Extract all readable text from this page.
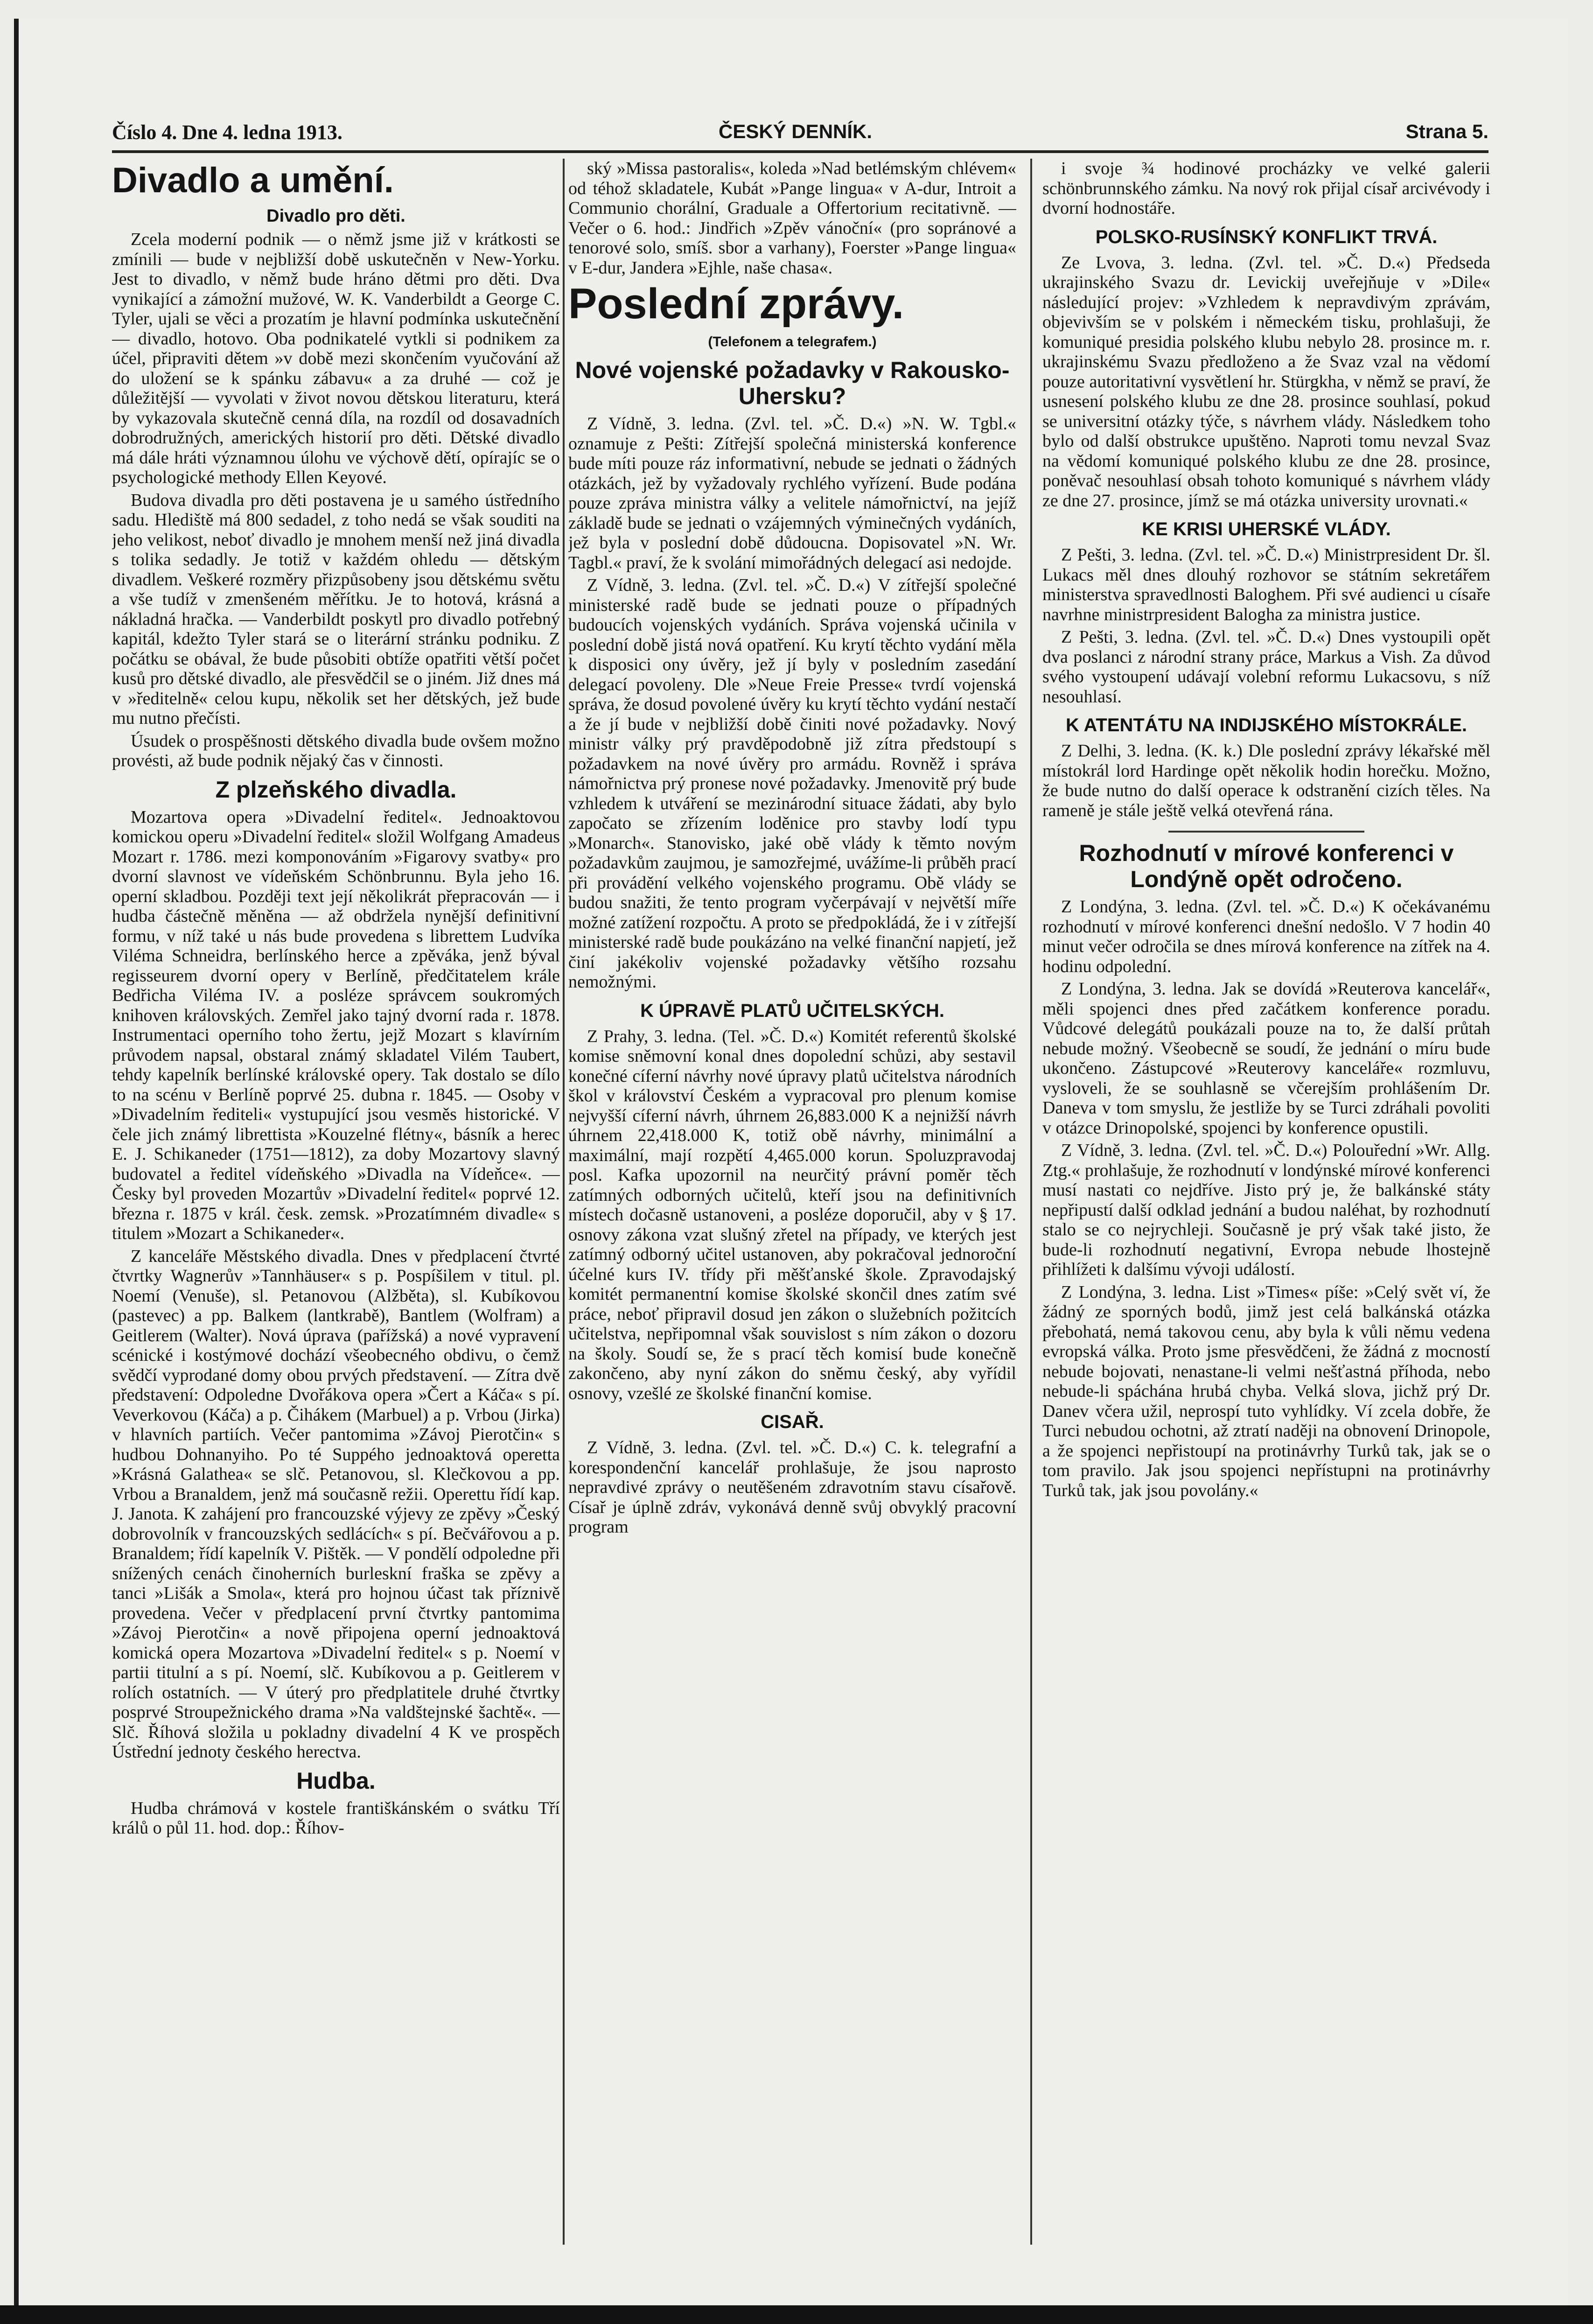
Číslo 4. Dne 4. ledna 1913.	ČESKÝ DENNÍK.	Strana 5.
Divadlo a umění.
Divadlo pro děti.

Zcela moderní podnik — o němž jsme již v krátkosti se zmínili — bude v nejbližší době uskutečněn v New-Yorku. Jest to divadlo, v němž bude hráno dětmi pro děti. Dva vynikající a zámožní mužové, W. K. Vanderbildt a George C. Tyler, ujali se věci a prozatím je hlavní podmínka uskutečnění — divadlo, hotovo. Oba podnikatelé vytkli si podnikem za účel, připraviti dětem »v době mezi skončením vyučování až do uložení se k spánku zábavu« a za druhé — což je důležitější — vyvolati v život novou dětskou literaturu, která by vykazovala skutečně cenná díla, na rozdíl od dosavadních dobrodružných, amerických historií pro děti. Dětské divadlo má dále hráti významnou úlohu ve výchově dětí, opírajíc se o psychologické methody Ellen Keyové.

Budova divadla pro děti postavena je u samého ústředního sadu. Hlediště má 800 sedadel, z toho nedá se však souditi na jeho velikost, neboť divadlo je mnohem menší než jiná divadla s tolika sedadly. Je totiž v každém ohledu — dětským divadlem. Veškeré rozměry přizpůsobeny jsou dětskému světu a vše tudíž v zmenšeném měřítku. Je to hotová, krásná a nákladná hračka. — Vanderbildt poskytl pro divadlo potřebný kapitál, kdežto Tyler stará se o literární stránku podniku. Z počátku se obával, že bude působiti obtíže opatřiti větší počet kusů pro dětské divadlo, ale přesvědčil se o jiném. Již dnes má v »ředitelně« celou kupu, několik set her dětských, jež bude mu nutno přečísti.

Úsudek o prospěšnosti dětského divadla bude ovšem možno provésti, až bude podnik nějaký čas v činnosti.

Z plzeňského divadla.

Mozartova opera »Divadelní ředitel«. Jednoaktovou komickou operu »Divadelní ředitel« složil Wolfgang Amadeus Mozart r. 1786. mezi komponováním »Figarovy svatby« pro dvorní slavnost ve vídeňském Schönbrunnu. Byla jeho 16. operní skladbou. Později text její několikrát přepracován — i hudba částečně měněna — až obdržela nynější definitivní formu, v níž také u nás bude provedena s librettem Ludvíka Viléma Schneidra, berlínského herce a zpěváka, jenž býval regisseurem dvorní opery v Berlíně, předčitatelem krále Bedřicha Viléma IV. a posléze správcem soukromých knihoven královských. Zemřel jako tajný dvorní rada r. 1878. Instrumentaci operního toho žertu, jejž Mozart s klavírním průvodem napsal, obstaral známý skladatel Vilém Taubert, tehdy kapelník berlínské královské opery. Tak dostalo se dílo to na scénu v Berlíně poprvé 25. dubna r. 1845. — Osoby v »Divadelním řediteli« vystupující jsou vesměs historické. V čele jich známý librettista »Kouzelné flétny«, básník a herec E. J. Schikaneder (1751—1812), za doby Mozartovy slavný budovatel a ředitel vídeňského »Divadla na Vídeňce«. — Česky byl proveden Mozartův »Divadelní ředitel« poprvé 12. března r. 1875 v král. česk. zemsk. »Prozatímném divadle« s titulem »Mozart a Schikaneder«.

Z kanceláře Městského divadla. Dnes v předplacení čtvrté čtvrtky Wagnerův »Tannhäuser« s p. Pospíšilem v titul. pl. Noemí (Venuše), sl. Petanovou (Alžběta), sl. Kubíkovou (pastevec) a pp. Balkem (lantkrabě), Bantlem (Wolfram) a Geitlerem (Walter). Nová úprava (pařížská) a nové vypravení scénické i kostýmové dochází všeobecného obdivu, o čemž svědčí vyprodané domy obou prvých představení. — Zítra dvě představení: Odpoledne Dvořákova opera »Čert a Káča« s pí. Veverkovou (Káča) a p. Čihákem (Marbuel) a p. Vrbou (Jirka) v hlavních partiích. Večer pantomima »Závoj Pierotčin« s hudbou Dohnanyiho. Po té Suppého jednoaktová operetta »Krásná Galathea« se slč. Petanovou, sl. Klečkovou a pp. Vrbou a Branaldem, jenž má současně režii. Operettu řídí kap. J. Janota. K zahájení pro francouzské výjevy ze zpěvy »Český dobrovolník v francouzských sedlácích« s pí. Bečvářovou a p. Branaldem; řídí kapelník V. Pištěk. — V pondělí odpoledne při snížených cenách činoherních burleskní fraška se zpěvy a tanci »Lišák a Smola«, která pro hojnou účast tak příznivě provedena. Večer v předplacení první čtvrtky pantomima »Závoj Pierotčin« a nově připojena operní jednoaktová komická opera Mozartova »Divadelní ředitel« s p. Noemí v partii titulní a s pí. Noemí, slč. Kubíkovou a p. Geitlerem v rolích ostatních. — V úterý pro předplatitele druhé čtvrtky posprvé Stroupežnického drama »Na valdštejnské šachtě«. — Slč. Říhová složila u pokladny divadelní 4 K ve prospěch Ústřední jednoty českého herectva.

Hudba.

Hudba chrámová v kostele františkánském o svátku Tří králů o půl 11. hod. dop.: Říhov-

ský »Missa pastoralis«, koleda »Nad betlémským chlévem« od téhož skladatele, Kubát »Pange lingua« v A-dur, Introit a Communio chorální, Graduale a Offertorium recitativně. — Večer o 6. hod.: Jindřich »Zpěv vánoční« (pro sopránové a tenorové solo, smíš. sbor a varhany), Foerster »Pange lingua« v E-dur, Jandera »Ejhle, naše chasa«.

Poslední zprávy.
(Telefonem a telegrafem.)
Nové vojenské požadavky v Rakousko-Uhersku?

Z Vídně, 3. ledna. (Zvl. tel. »Č. D.«) »N. W. Tgbl.« oznamuje z Pešti: Zítřejší společná ministerská konference bude míti pouze ráz informativní, nebude se jednati o žádných otázkách, jež by vyžadovaly rychlého vyřízení. Bude podána pouze zpráva ministra války a velitele námořnictví, na jejíž základě bude se jednati o vzájemných výminečných vydáních, jež byla v poslední době důdoucna. Dopisovatel »N. Wr. Tagbl.« praví, že k svolání mimořádných delegací asi nedojde.

Z Vídně, 3. ledna. (Zvl. tel. »Č. D.«) V zítřejší společné ministerské radě bude se jednati pouze o případných budoucích vojenských vydáních. Správa vojenská učinila v poslední době jistá nová opatření. Ku krytí těchto vydání měla k disposici ony úvěry, jež jí byly v posledním zasedání delegací povoleny. Dle »Neue Freie Presse« tvrdí vojenská správa, že dosud povolené úvěry ku krytí těchto vydání nestačí a že jí bude v nejbližší době činiti nové požadavky. Nový ministr války prý pravděpodobně již zítra předstoupí s požadavkem na nové úvěry pro armádu. Rovněž i správa námořnictva prý pronese nové požadavky. Jmenovitě prý bude vzhledem k utváření se mezinárodní situace žádati, aby bylo započato se zřízením loděnice pro stavby lodí typu »Monarch«. Stanovisko, jaké obě vlády k těmto novým požadavkům zaujmou, je samozřejmé, uvážíme-li průběh prací při provádění velkého vojenského programu. Obě vlády se budou snažiti, že tento program vyčerpávají v největší míře možné zatížení rozpočtu. A proto se předpokládá, že i v zítřejší ministerské radě bude poukázáno na velké finanční napjetí, jež činí jakékoliv vojenské požadavky většího rozsahu nemožnými.

K ÚPRAVĚ PLATŮ UČITELSKÝCH.

Z Prahy, 3. ledna. (Tel. »Č. D.«) Komitét referentů školské komise sněmovní konal dnes dopolední schůzi, aby sestavil konečné cíferní návrhy nové úpravy platů učitelstva národních škol v království Českém a vypracoval pro plenum komise nejvyšší cíferní návrh, úhrnem 26,883.000 K a nejnižší návrh úhrnem 22,418.000 K, totiž obě návrhy, minimální a maximální, mají rozpětí 4,465.000 korun. Spoluzpravodaj posl. Kafka upozornil na neurčitý právní poměr těch zatímných odborných učitelů, kteří jsou na definitivních místech dočasně ustanoveni, a posléze doporučil, aby v § 17. osnovy zákona vzat slušný zřetel na případy, ve kterých jest zatímný odborný učitel ustanoven, aby pokračoval jednoroční účelné kurs IV. třídy při měšťanské škole. Zpravodajský komitét permanentní komise školské skončil dnes zatím své práce, neboť připravil dosud jen zákon o služebních požitcích učitelstva, nepřipomnal však souvislost s ním zákon o dozoru na školy. Soudí se, že s prací těch komisí bude konečně zakončeno, aby nyní zákon do sněmu český, aby vyřídil osnovy, vzešlé ze školské finanční komise.

CISAŘ.

Z Vídně, 3. ledna. (Zvl. tel. »Č. D.«) C. k. telegrafní a korespondenční kancelář prohlašuje, že jsou naprosto nepravdivé zprávy o neutěšeném zdravotním stavu císařově. Císař je úplně zdráv, vykonává denně svůj obvyklý pracovní program

i svoje ¾ hodinové procházky ve velké galerii schönbrunnského zámku. Na nový rok přijal císař arcivévody i dvorní hodnostáře.

POLSKO-RUSÍNSKÝ KONFLIKT TRVÁ.

Ze Lvova, 3. ledna. (Zvl. tel. »Č. D.«) Předseda ukrajinského Svazu dr. Levickij uveřejňuje v »Dile« následující projev: »Vzhledem k nepravdivým zprávám, objevivším se v polském i německém tisku, prohlašuji, že komuniqué presidia polského klubu nebylo 28. prosince m. r. ukrajinskému Svazu předloženo a že Svaz vzal na vědomí pouze autoritativní vysvětlení hr. Stürgkha, v němž se praví, že usnesení polského klubu ze dne 28. prosince souhlasí, pokud se universitní otázky týče, s návrhem vlády. Následkem toho bylo od další obstrukce upuštěno. Naproti tomu nevzal Svaz na vědomí komuniqué polského klubu ze dne 28. prosince, poněvač nesouhlasí obsah tohoto komuniqué s návrhem vlády ze dne 27. prosince, jímž se má otázka university urovnati.«

KE KRISI UHERSKÉ VLÁDY.

Z Pešti, 3. ledna. (Zvl. tel. »Č. D.«) Ministrpresident Dr. šl. Lukacs měl dnes dlouhý rozhovor se státním sekretářem ministerstva spravedlnosti Baloghem. Při své audienci u císaře navrhne ministrpresident Balogha za ministra justice.

Z Pešti, 3. ledna. (Zvl. tel. »Č. D.«) Dnes vystoupili opět dva poslanci z národní strany práce, Markus a Vish. Za důvod svého vystoupení udávají volební reformu Lukacsovu, s níž nesouhlasí.

K ATENTÁTU NA INDIJSKÉHO MÍSTOKRÁLE.

Z Delhi, 3. ledna. (K. k.) Dle poslední zprávy lékařské měl místokrál lord Hardinge opět několik hodin horečku. Možno, že bude nutno do další operace k odstranění cizích těles. Na rameně je stále ještě velká otevřená rána.

Rozhodnutí v mírové konferenci v Londýně opět odročeno.

Z Londýna, 3. ledna. (Zvl. tel. »Č. D.«) K očekávanému rozhodnutí v mírové konferenci dnešní nedošlo. V 7 hodin 40 minut večer odročila se dnes mírová konference na zítřek na 4. hodinu odpolední.

Z Londýna, 3. ledna. Jak se dovídá »Reuterova kancelář«, měli spojenci dnes před začátkem konference poradu. Vůdcové delegátů poukázali pouze na to, že další průtah nebude možný. Všeobecně se soudí, že jednání o míru bude ukončeno. Zástupcové »Reuterovy kanceláře« rozmluvu, vysloveli, že se souhlasně se včerejším prohlášením Dr. Daneva v tom smyslu, že jestliže by se Turci zdráhali povoliti v otázce Drinopolské, spojenci by konference opustili.

Z Vídně, 3. ledna. (Zvl. tel. »Č. D.«) Polouřední »Wr. Allg. Ztg.« prohlašuje, že rozhodnutí v londýnské mírové konferenci musí nastati co nejdříve. Jisto prý je, že balkánské státy nepřipustí další odklad jednání a budou naléhat, by rozhodnutí stalo se co nejrychleji. Současně je prý však také jisto, že bude-li rozhodnutí negativní, Evropa nebude lhostejně přihlížeti k dalšímu vývoji událostí.

Z Londýna, 3. ledna. List »Times« píše: »Celý svět ví, že žádný ze sporných bodů, jimž jest celá balkánská otázka přebohatá, nemá takovou cenu, aby byla k vůli němu vedena evropská válka. Proto jsme přesvědčeni, že žádná z mocností nebude bojovati, nenastane-li velmi nešťastná příhoda, nebo nebude-li spáchána hrubá chyba. Velká slova, jichž prý Dr. Danev včera užil, neprospí tuto vyhlídky. Ví zcela dobře, že Turci nebudou ochotni, až ztratí naději na obnovení Drinopole, a že spojenci nepřistoupí na protinávrhy Turků tak, jak se o tom pravilo. Jak jsou spojenci nepřístupni na protinávrhy Turků tak, jak jsou povolány.«
